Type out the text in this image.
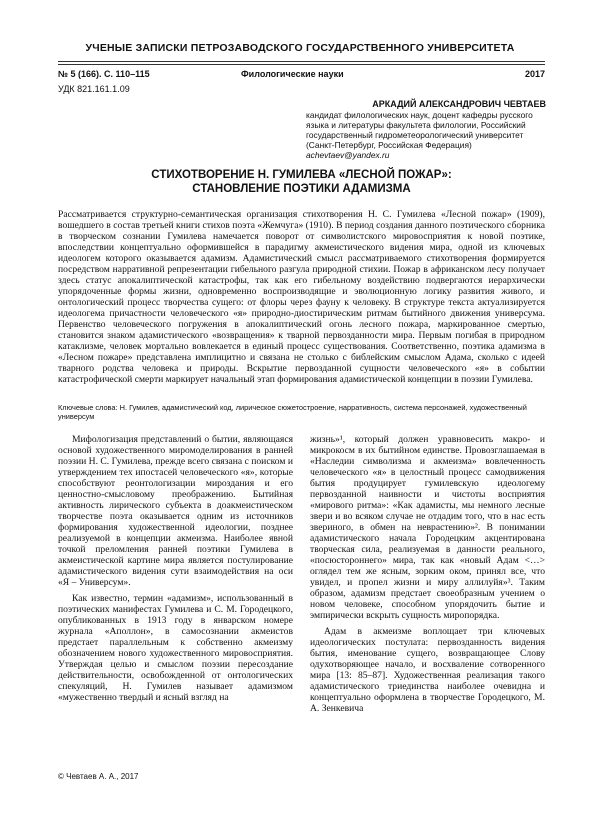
УЧЕНЫЕ ЗАПИСКИ ПЕТРОЗАВОДСКОГО ГОСУДАРСТВЕННОГО УНИВЕРСИТЕТА
№ 5 (166). С. 110–115	Филологические науки	2017
УДК 821.161.1.09
АРКАДИЙ АЛЕКСАНДРОВИЧ ЧЕВТАЕВ
кандидат филологических наук, доцент кафедры русского
языка и литературы факультета филологии, Российский
государственный гидрометеорологический университет
(Санкт-Петербург, Российская Федерация)
achevtaev@yandex.ru
СТИХОТВОРЕНИЕ Н. ГУМИЛЕВА «ЛЕСНОЙ ПОЖАР»:
СТАНОВЛЕНИЕ ПОЭТИКИ АДАМИЗМА
Рассматривается структурно-семантическая организация стихотворения Н. С. Гумилева «Лесной пожар» (1909), вошедшего в состав третьей книги стихов поэта «Жемчуга» (1910). В период создания данного поэтического сборника в творческом сознании Гумилева намечается поворот от символистского мировосприятия к новой поэтике, впоследствии концептуально оформившейся в парадигму акмеистического видения мира, одной из ключевых идеологем которого оказывается адамизм. Адамистический смысл рассматриваемого стихотворения формируется посредством нарративной репрезентации гибельного разгула природной стихии. Пожар в африканском лесу получает здесь статус апокалиптической катастрофы, так как его гибельному воздействию подвергаются иерархически упорядоченные формы жизни, одновременно воспроизводящие и эволюционную логику развития живого, и онтологический процесс творчества сущего: от флоры через фауну к человеку. В структуре текста актуализируется идеологема причастности человеческого «я» природно-диостирическим ритмам бытийного движения универсума. Первенство человеческого погружения в апокалиптический огонь лесного пожара, маркированное смертью, становится знаком адамистического «возвращения» к тварной первозданности мира. Первым погибая в природном катаклизме, человек мортально вовлекается в единый процесс существования. Соответственно, поэтика адамизма в «Лесном пожаре» представлена имплицитно и связана не столько с библейским смыслом Адама, сколько с идеей тварного родства человека и природы. Вскрытие первозданной сущности человеческого «я» в событии катастрофической смерти маркирует начальный этап формирования адамистической концепции в поэзии Гумилева.
Ключевые слова: Н. Гумилев, адамистический код, лирическое сюжетостроение, нарративность, система персонажей, художественный универсум

Мифологизация представлений о бытии, являющаяся основой художественного миромоделирования в ранней поэзии Н. С. Гумилева, прежде всего связана с поиском и утверждением тех ипостасей человеческого «я», которые способствуют реонтологизации мироздания и его ценностно-смысловому преображению. Бытийная активность лирического субъекта в доакмеистическом творчестве поэта оказывается одним из источников формирования художественной идеологии, позднее реализуемой в концепции акмеизма. Наиболее явной точкой преломления ранней поэтики Гумилева в акмеистической картине мира является постулирование адамистического видения сути взаимодействия на оси «Я – Универсум».

Как известно, термин «адамизм», использованный в поэтических манифестах Гумилева и С. М. Городецкого, опубликованных в 1913 году в январском номере журнала «Аполлон», в самосознании акмеистов предстает параллельным к собственно акмеизму обозначением нового художественного мировосприятия. Утверждая целью и смыслом поэзии пересоздание действительности, освобожденной от онтологических спекуляций, Н. Гумилев называет адамизмом «мужественно твердый и ясный взгляд на

жизнь»¹, который должен уравновесить макро- и микрокосм в их бытийном единстве. Провозглашаемая в «Наследии символизма и акмеизма» вовлеченность человеческого «я» в целостный процесс самодвижения бытия продуцирует гумилевскую идеологему первозданной наивности и чистоты восприятия «мирового ритма»: «Как адамисты, мы немного лесные звери и во всяком случае не отдадим того, что в нас есть звериного, в обмен на неврастению»². В понимании адамистического начала Городецким акцентирована творческая сила, реализуемая в данности реального, «посюстороннего» мира, так как «новый Адам <…> оглядел тем же ясным, зорким оком, принял все, что увидел, и пропел жизни и миру аллилуйя»³. Таким образом, адамизм предстает своеобразным учением о новом человеке, способном упорядочить бытие и эмпирически вскрыть сущность миропорядка.

Адам в акмеизме воплощает три ключевых идеологических постулата: первозданность видения бытия, именование сущего, возвращающее Слову одухотворяющее начало, и восхваление сотворенного мира [13: 85–87]. Художественная реализация такого адамистического триединства наиболее очевидна и концептуально оформлена в творчестве Городецкого, М. А. Зенкевича

© Чевтаев А. А., 2017
